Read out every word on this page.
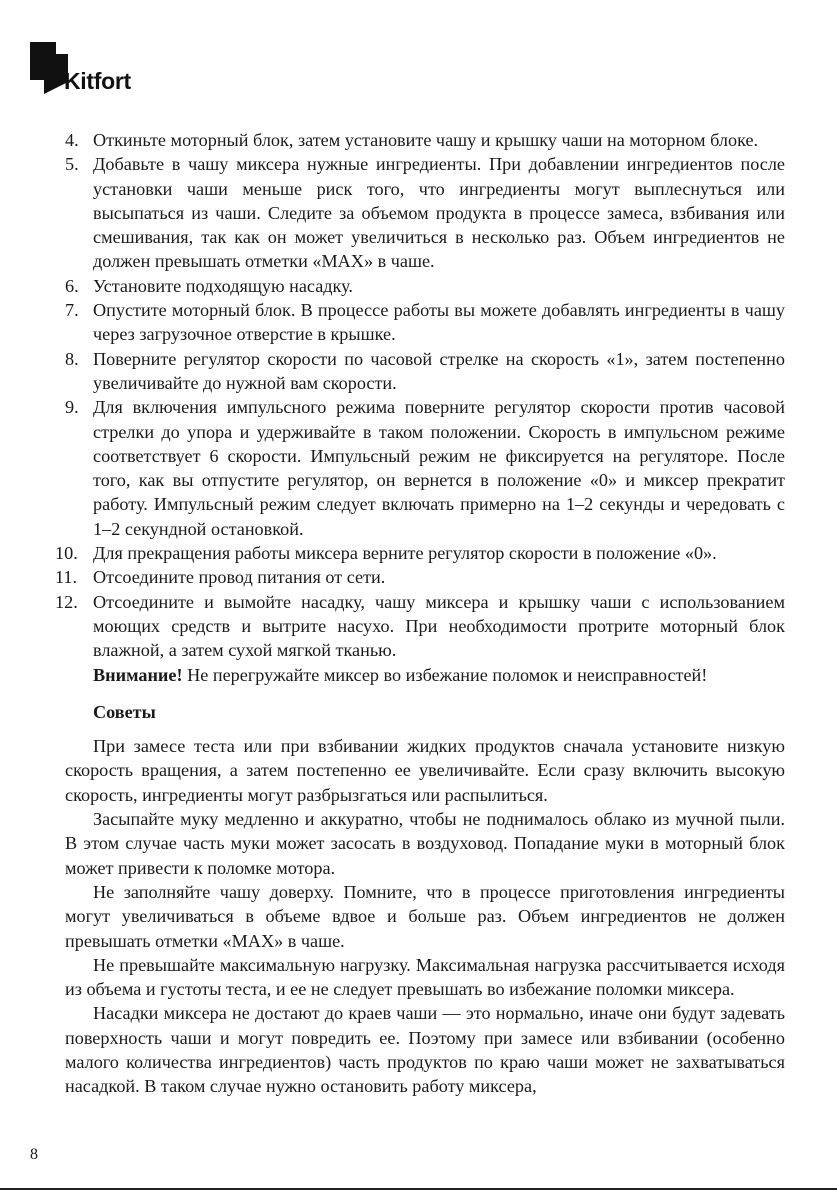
Kitfort
4. Откиньте моторный блок, затем установите чашу и крышку чаши на моторном блоке.
5. Добавьте в чашу миксера нужные ингредиенты. При добавлении ингредиентов после установки чаши меньше риск того, что ингредиенты могут выплеснуться или высыпаться из чаши. Следите за объемом продукта в процессе замеса, взбивания или смешивания, так как он может увеличиться в несколько раз. Объем ингредиентов не должен превышать отметки «MAX» в чаше.
6. Установите подходящую насадку.
7. Опустите моторный блок. В процессе работы вы можете добавлять ингредиенты в чашу через загрузочное отверстие в крышке.
8. Поверните регулятор скорости по часовой стрелке на скорость «1», затем постепенно увеличивайте до нужной вам скорости.
9. Для включения импульсного режима поверните регулятор скорости против часовой стрелки до упора и удерживайте в таком положении. Скорость в импульсном режиме соответствует 6 скорости. Импульсный режим не фиксируется на регуляторе. После того, как вы отпустите регулятор, он вернется в положение «0» и миксер прекратит работу. Импульсный режим следует включать примерно на 1–2 секунды и чередовать с 1–2 секундной остановкой.
10. Для прекращения работы миксера верните регулятор скорости в положение «0».
11. Отсоедините провод питания от сети.
12. Отсоедините и вымойте насадку, чашу миксера и крышку чаши с использованием моющих средств и вытрите насухо. При необходимости протрите моторный блок влажной, а затем сухой мягкой тканью.
Внимание! Не перегружайте миксер во избежание поломок и неисправностей!
Советы

При замесе теста или при взбивании жидких продуктов сначала установите низкую скорость вращения, а затем постепенно ее увеличивайте. Если сразу включить высокую скорость, ингредиенты могут разбрызгаться или распылиться.

Засыпайте муку медленно и аккуратно, чтобы не поднималось облако из мучной пыли. В этом случае часть муки может засосать в воздуховод. Попадание муки в моторный блок может привести к поломке мотора.

Не заполняйте чашу доверху. Помните, что в процессе приготовления ингредиенты могут увеличиваться в объеме вдвое и больше раз. Объем ингредиентов не должен превышать отметки «MAX» в чаше.

Не превышайте максимальную нагрузку. Максимальная нагрузка рассчитывается исходя из объема и густоты теста, и ее не следует превышать во избежание поломки миксера.

Насадки миксера не достают до краев чаши — это нормально, иначе они будут задевать поверхность чаши и могут повредить ее. Поэтому при замесе или взбивании (особенно малого количества ингредиентов) часть продуктов по краю чаши может не захватываться насадкой. В таком случае нужно остановить работу миксера,

8
